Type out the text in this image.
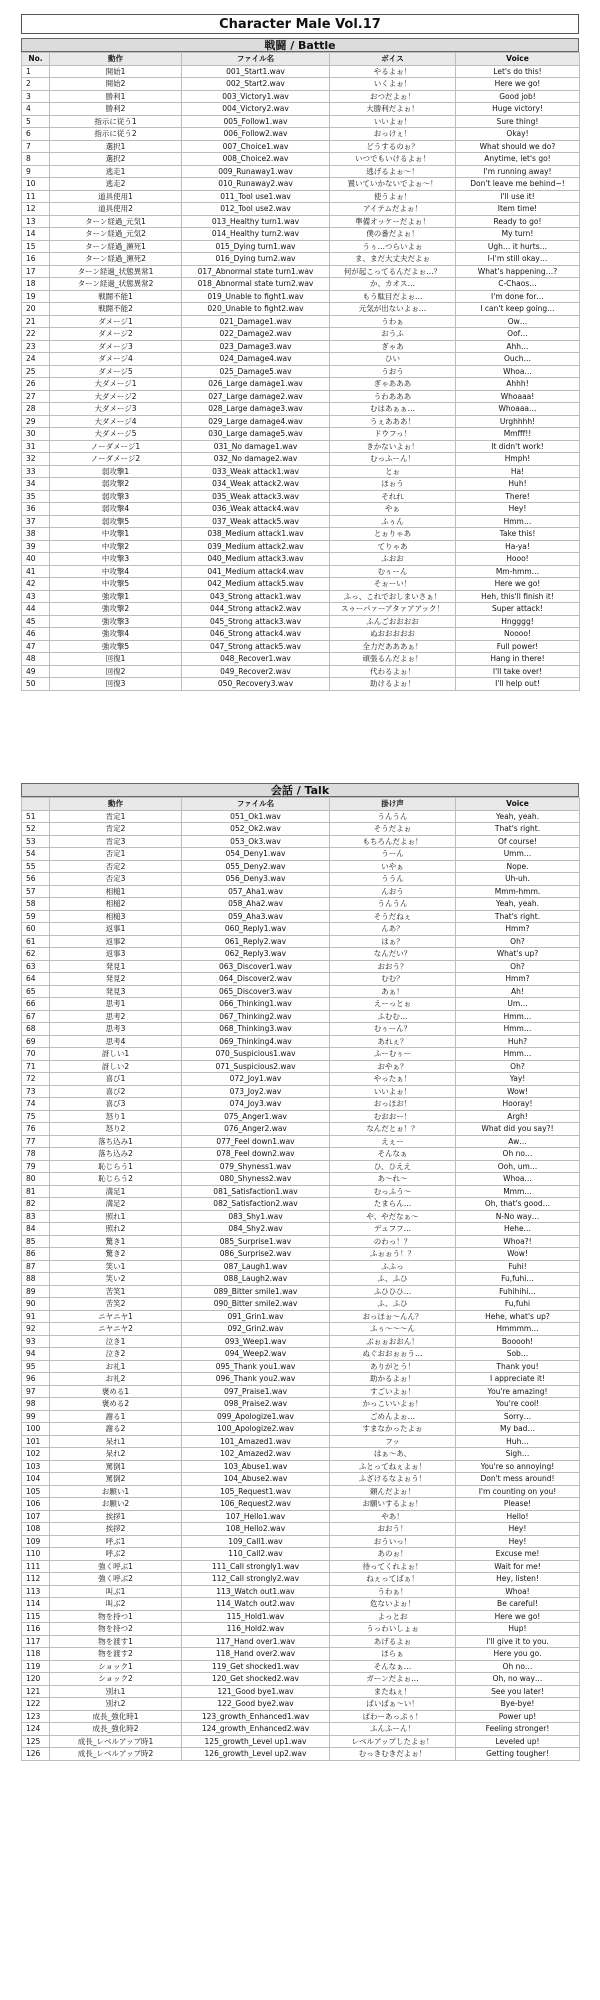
Character Male Vol.17
戦闘 / Battle
No.	動作	ファイル名	ボイス	Voice
1	開始1	001_Start1.wav	やるよぉ！	Let's do this!
2	開始2	002_Start2.wav	いくよぉ！	Here we go!
3	勝利1	003_Victory1.wav	おつだよぉ！	Good job!
4	勝利2	004_Victory2.wav	大勝利だよぉ！	Huge victory!
5	指示に従う1	005_Follow1.wav	いいよぉ！	Sure thing!
6	指示に従う2	006_Follow2.wav	おっけぇ！	Okay!
7	選択1	007_Choice1.wav	どうするのぉ？	What should we do?
8	選択2	008_Choice2.wav	いつでもいけるよぉ！	Anytime, let's go!
9	逃走1	009_Runaway1.wav	逃げるよぉ～！	I'm running away!
10	逃走2	010_Runaway2.wav	置いていかないでよぉ～！	Don't leave me behind~!
11	道具使用1	011_Tool use1.wav	使うよぉ！	I'll use it!
12	道具使用2	012_Tool use2.wav	アイテムだよぉ！	Item time!
13	ターン経過_元気1	013_Healthy turn1.wav	準備オッケーだよぉ！	Ready to go!
14	ターン経過_元気2	014_Healthy turn2.wav	僕の番だよぉ！	My turn!
15	ターン経過_瀕死1	015_Dying turn1.wav	うぅ…つらいよぉ	Ugh… it hurts…
16	ターン経過_瀕死2	016_Dying turn2.wav	ま、まだ大丈夫だよぉ	I-I'm still okay…
17	ターン経過_状態異常1	017_Abnormal state turn1.wav	何が起こってるんだよぉ…？	What's happening…?
18	ターン経過_状態異常2	018_Abnormal state turn2.wav	か、カオス…	C-Chaos…
19	戦闘不能1	019_Unable to fight1.wav	もう駄目だよぉ…	I'm done for…
20	戦闘不能2	020_Unable to fight2.wav	元気が出ないよぉ…	I can't keep going…
21	ダメージ1	021_Damage1.wav	うわぁ	Ow…
22	ダメージ2	022_Damage2.wav	おうふ	Oof…
23	ダメージ3	023_Damage3.wav	ぎゃあ	Ahh…
24	ダメージ4	024_Damage4.wav	ひい	Ouch…
25	ダメージ5	025_Damage5.wav	うおう	Whoa…
26	大ダメージ1	026_Large damage1.wav	ぎゃあああ	Ahhh!
27	大ダメージ2	027_Large damage2.wav	うわあああ	Whoaaa!
28	大ダメージ3	028_Large damage3.wav	むはあぁぁ…	Whoaaa…
29	大ダメージ4	029_Large damage4.wav	うぇあああ！	Urghhhh!
30	大ダメージ5	030_Large damage5.wav	ドウフっ！	Mmfff!!
31	ノーダメージ1	031_No damage1.wav	きかないよぉ！	It didn't work!
32	ノーダメージ2	032_No damage2.wav	むっふーん！	Hmph!
33	弱攻撃1	033_Weak attack1.wav	とぉ	Ha!
34	弱攻撃2	034_Weak attack2.wav	ほぉう	Huh!
35	弱攻撃3	035_Weak attack3.wav	それれ	There!
36	弱攻撃4	036_Weak attack4.wav	やぁ	Hey!
37	弱攻撃5	037_Weak attack5.wav	ふぅん	Hmm…
38	中攻撃1	038_Medium attack1.wav	とぉりゃあ	Take this!
39	中攻撃2	039_Medium attack2.wav	てりゃあ	Ha-ya!
40	中攻撃3	040_Medium attack3.wav	ふおお	Hooo!
41	中攻撃4	041_Medium attack4.wav	むぅーん	Mm-hmm…
42	中攻撃5	042_Medium attack5.wav	そぉーい！	Here we go!
43	強攻撃1	043_Strong attack1.wav	ふっ、これでおしまいさぁ！	Heh, this'll finish it!
44	強攻撃2	044_Strong attack2.wav	スゥーパァーアタァアアック！	Super attack!
45	強攻撃3	045_Strong attack3.wav	ふんごおおおお	Hngggg!
46	強攻撃4	046_Strong attack4.wav	ぬおおおおお	Noooo!
47	強攻撃5	047_Strong attack5.wav	全力だあああぁ！	Full power!
48	回復1	048_Recover1.wav	頑張るんだよぉ！	Hang in there!
49	回復2	049_Recover2.wav	代わるよぉ！	I'll take over!
50	回復3	050_Recovery3.wav	助けるよぉ！	I'll help out!
会話 / Talk
	動作	ファイル名	掛け声	Voice
51	肯定1	051_Ok1.wav	うんうん	Yeah, yeah.
52	肯定2	052_Ok2.wav	そうだよぉ	That's right.
53	肯定3	053_Ok3.wav	もちろんだよぉ！	Of course!
54	否定1	054_Deny1.wav	うーん	Umm…
55	否定2	055_Deny2.wav	いやぁ	Nope.
56	否定3	056_Deny3.wav	ううん	Uh-uh.
57	相槌1	057_Aha1.wav	んおう	Mmm-hmm.
58	相槌2	058_Aha2.wav	うんうん	Yeah, yeah.
59	相槌3	059_Aha3.wav	そうだねぇ	That's right.
60	返事1	060_Reply1.wav	んあ？	Hmm?
61	返事2	061_Reply2.wav	はぁ？	Oh?
62	返事3	062_Reply3.wav	なんだい？	What's up?
63	発見1	063_Discover1.wav	おおう？	Oh?
64	発見2	064_Discover2.wav	むむ？	Hmm?
65	発見3	065_Discover3.wav	あぁ！	Ah!
66	思考1	066_Thinking1.wav	えーっとぉ	Um…
67	思考2	067_Thinking2.wav	ふむむ…	Hmm…
68	思考3	068_Thinking3.wav	むぅーん？	Hmm…
69	思考4	069_Thinking4.wav	あれぇ？	Huh?
70	訝しい1	070_Suspicious1.wav	ふーむぅー	Hmm…
71	訝しい2	071_Suspicious2.wav	おやぁ？	Oh?
72	喜び1	072_Joy1.wav	やったぁ！	Yay!
73	喜び2	073_Joy2.wav	いいよぉ！	Wow!
74	喜び3	074_Joy3.wav	おっほお！	Hooray!
75	怒り1	075_Anger1.wav	むおおー！	Argh!
76	怒り2	076_Anger2.wav	なんだとぉ！？	What did you say?!
77	落ち込み1	077_Feel down1.wav	えぇー	Aw…
78	落ち込み2	078_Feel down2.wav	そんなぁ	Oh no…
79	恥じらう1	079_Shyness1.wav	ひ、ひええ	Ooh, um…
80	恥じらう2	080_Shyness2.wav	あ～れ～	Whoa…
81	満足1	081_Satisfaction1.wav	むっふう～	Mmm…
82	満足2	082_Satisfaction2.wav	たまらん…	Oh, that's good…
83	照れ1	083_Shy1.wav	や、やだなぁ～	N-No way…
84	照れ2	084_Shy2.wav	デュフフ…	Hehe…
85	驚き1	085_Surprise1.wav	のわっ！？	Whoa?!
86	驚き2	086_Surprise2.wav	ふぉぉう！？	Wow!
87	笑い1	087_Laugh1.wav	ふふっ	Fuhi!
88	笑い2	088_Laugh2.wav	ふ、ふひ	Fu,fuhi…
89	苦笑1	089_Bitter smile1.wav	ふひひひ…	Fuhihihi…
90	苦笑2	090_Bitter smile2.wav	ふ、ふひ	Fu,fuhi
91	ニヤニヤ1	091_Grin1.wav	おっほぉ～んん？	Hehe, what's up?
92	ニヤニヤ2	092_Grin2.wav	ふぅ～～～ん	Hmmmm…
93	泣き1	093_Weep1.wav	ぶぉぉおおん！	Booooh!
94	泣き2	094_Weep2.wav	ぬぐおおぉぉう…	Sob…
95	お礼1	095_Thank you1.wav	ありがとう！	Thank you!
96	お礼2	096_Thank you2.wav	助かるよぉ！	I appreciate it!
97	褒める1	097_Praise1.wav	すごいよぉ！	You're amazing!
98	褒める2	098_Praise2.wav	かっこいいよぉ！	You're cool!
99	謝る1	099_Apologize1.wav	ごめんよぉ…	Sorry…
100	謝る2	100_Apologize2.wav	すまなかったよぉ	My bad…
101	呆れ1	101_Amazed1.wav	フッ	Huh…
102	呆れ2	102_Amazed2.wav	はぁ～あ、	Sigh…
103	罵倒1	103_Abuse1.wav	ふとってねぇよぉ！	You're so annoying!
104	罵倒2	104_Abuse2.wav	ふざけるなよぉう！	Don't mess around!
105	お願い1	105_Request1.wav	頼んだよぉ！	I'm counting on you!
106	お願い2	106_Request2.wav	お願いするよぉ！	Please!
107	挨拶1	107_Hello1.wav	やあ！	Hello!
108	挨拶2	108_Hello2.wav	おおう！	Hey!
109	呼ぶ1	109_Call1.wav	おういっ！	Hey!
110	呼ぶ2	110_Call2.wav	あのぉ！	Excuse me!
111	強く呼ぶ1	111_Call strongly1.wav	待ってくれよぉ！	Wait for me!
112	強く呼ぶ2	112_Call strongly2.wav	ねぇってばぁ！	Hey, listen!
113	叫ぶ1	113_Watch out1.wav	うわぁ！	Whoa!
114	叫ぶ2	114_Watch out2.wav	危ないよぉ！	Be careful!
115	物を持つ1	115_Hold1.wav	よっとお	Here we go!
116	物を持つ2	116_Hold2.wav	うっわいしょぉ	Hup!
117	物を渡す1	117_Hand over1.wav	あげるよぉ	I'll give it to you.
118	物を渡す2	118_Hand over2.wav	ほらぁ	Here you go.
119	ショック1	119_Get shocked1.wav	そんなぁ…	Oh no…
120	ショック2	120_Get shocked2.wav	ガーンだよぉ…	Oh, no way…
121	別れ1	121_Good bye1.wav	またねぇ！	See you later!
122	別れ2	122_Good bye2.wav	ばいばぁ～い！	Bye-bye!
123	成長_強化時1	123_growth_Enhanced1.wav	ぱわーあっぷぅ！	Power up!
124	成長_強化時2	124_growth_Enhanced2.wav	ふんふーん！	Feeling stronger!
125	成長_レベルアップ時1	125_growth_Level up1.wav	レベルアップしたよぉ！	Leveled up!
126	成長_レベルアップ時2	126_growth_Level up2.wav	むっきむきだよぉ！	Getting tougher!
